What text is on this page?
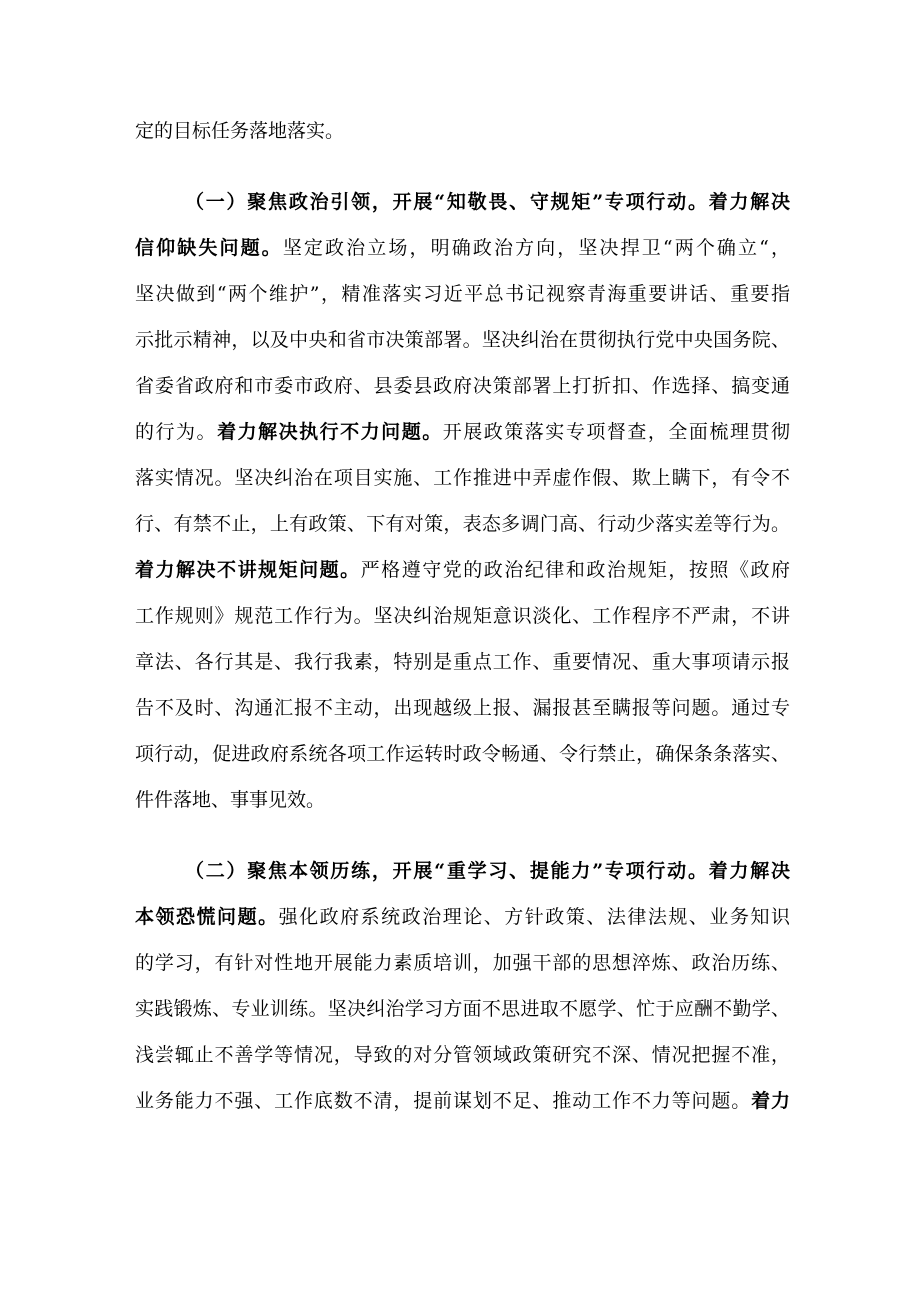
定的目标任务落地落实。
（一）聚焦政治引领，开展“知敬畏、守规矩”专项行动。着力解决
信仰缺失问题。坚定政治立场，明确政治方向，坚决捍卫“两个确立“，
坚决做到“两个维护”，精准落实习近平总书记视察青海重要讲话、重要指
示批示精神，以及中央和省市决策部署。坚决纠治在贯彻执行党中央国务院、
省委省政府和市委市政府、县委县政府决策部署上打折扣、作选择、搞变通
的行为。着力解决执行不力问题。开展政策落实专项督查，全面梳理贯彻
落实情况。坚决纠治在项目实施、工作推进中弄虚作假、欺上瞒下，有令不
行、有禁不止，上有政策、下有对策，表态多调门高、行动少落实差等行为。
着力解决不讲规矩问题。严格遵守党的政治纪律和政治规矩，按照《政府
工作规则》规范工作行为。坚决纠治规矩意识淡化、工作程序不严肃，不讲
章法、各行其是、我行我素，特别是重点工作、重要情况、重大事项请示报
告不及时、沟通汇报不主动，出现越级上报、漏报甚至瞒报等问题。通过专
项行动，促进政府系统各项工作运转时政令畅通、令行禁止，确保条条落实、
件件落地、事事见效。
（二）聚焦本领历练，开展“重学习、提能力”专项行动。着力解决
本领恐慌问题。强化政府系统政治理论、方针政策、法律法规、业务知识
的学习，有针对性地开展能力素质培训，加强干部的思想淬炼、政治历练、
实践锻炼、专业训练。坚决纠治学习方面不思进取不愿学、忙于应酬不勤学、
浅尝辄止不善学等情况，导致的对分管领域政策研究不深、情况把握不准，
业务能力不强、工作底数不清，提前谋划不足、推动工作不力等问题。着力
